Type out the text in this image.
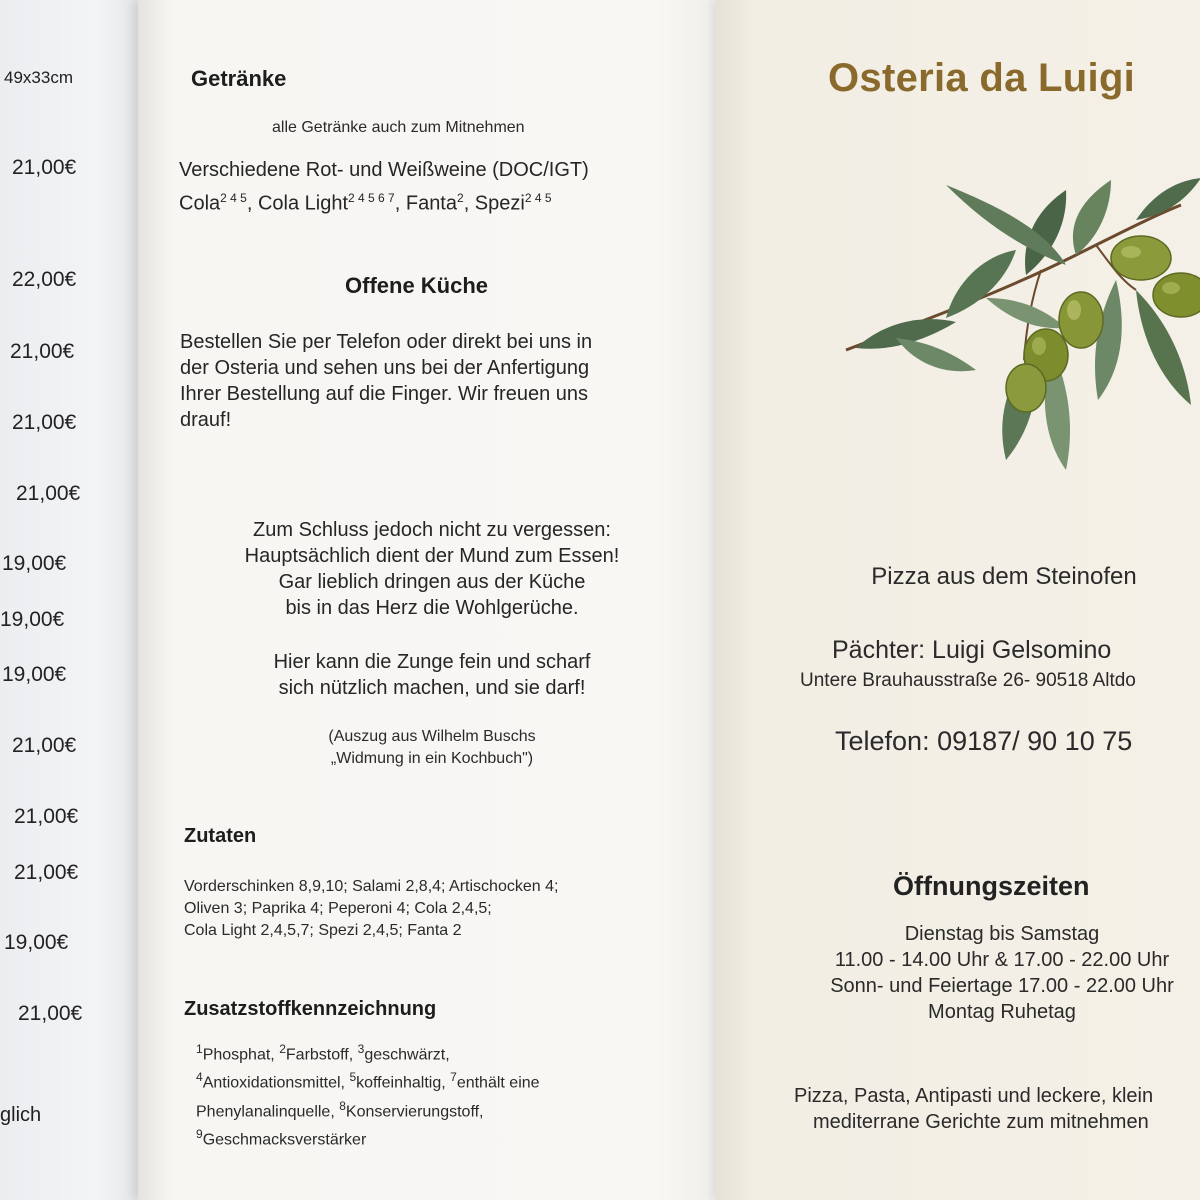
49x33cm
21,00€
22,00€
21,00€
21,00€
21,00€
19,00€
19,00€
19,00€
21,00€
21,00€
21,00€
19,00€
21,00€
glich
Getränke
alle Getränke auch zum Mitnehmen
Verschiedene Rot- und Weißweine (DOC/IGT)
Cola$^{2 4 5}$, Cola Light$^{2 4 5 6 7}$, Fanta$^2$, Spezi$^{2 4 5}$
Offene Küche
Bestellen Sie per Telefon oder direkt bei uns in
der Osteria und sehen uns bei der Anfertigung
Ihrer Bestellung auf die Finger. Wir freuen uns
drauf!
Zum Schluss jedoch nicht zu vergessen:
Hauptsächlich dient der Mund zum Essen!
Gar lieblich dringen aus der Küche
bis in das Herz die Wohlgerüche.
Hier kann die Zunge fein und scharf
sich nützlich machen, und sie darf!
(Auszug aus Wilhelm Buschs
„Widmung in ein Kochbuch")
Zutaten
Vorderschinken 8,9,10; Salami 2,8,4; Artischocken 4;
Oliven 3; Paprika 4; Peperoni 4; Cola 2,4,5;
Cola Light 2,4,5,7; Spezi 2,4,5; Fanta 2
Zusatzstoffkennzeichnung
$^1$Phosphat, $^2$Farbstoff, $^3$geschwärzt,
$^4$Antioxidationsmittel, $^5$koffeinhaltig, $^7$enthält eine
Phenylanalinquelle, $^8$Konservierungstoff,
$^9$Geschmacksverstärker
Osteria da Luigi
Pizza aus dem Steinofen
Pächter: Luigi Gelsomino
Untere Brauhausstraße 26- 90518 Altdo
Telefon: 09187/ 90 10 75
Öffnungszeiten
Dienstag bis Samstag
11.00 - 14.00 Uhr & 17.00 - 22.00 Uhr
Sonn- und Feiertage 17.00 - 22.00 Uhr
Montag Ruhetag
Pizza, Pasta, Antipasti und leckere, klein
mediterrane Gerichte zum mitnehmen
